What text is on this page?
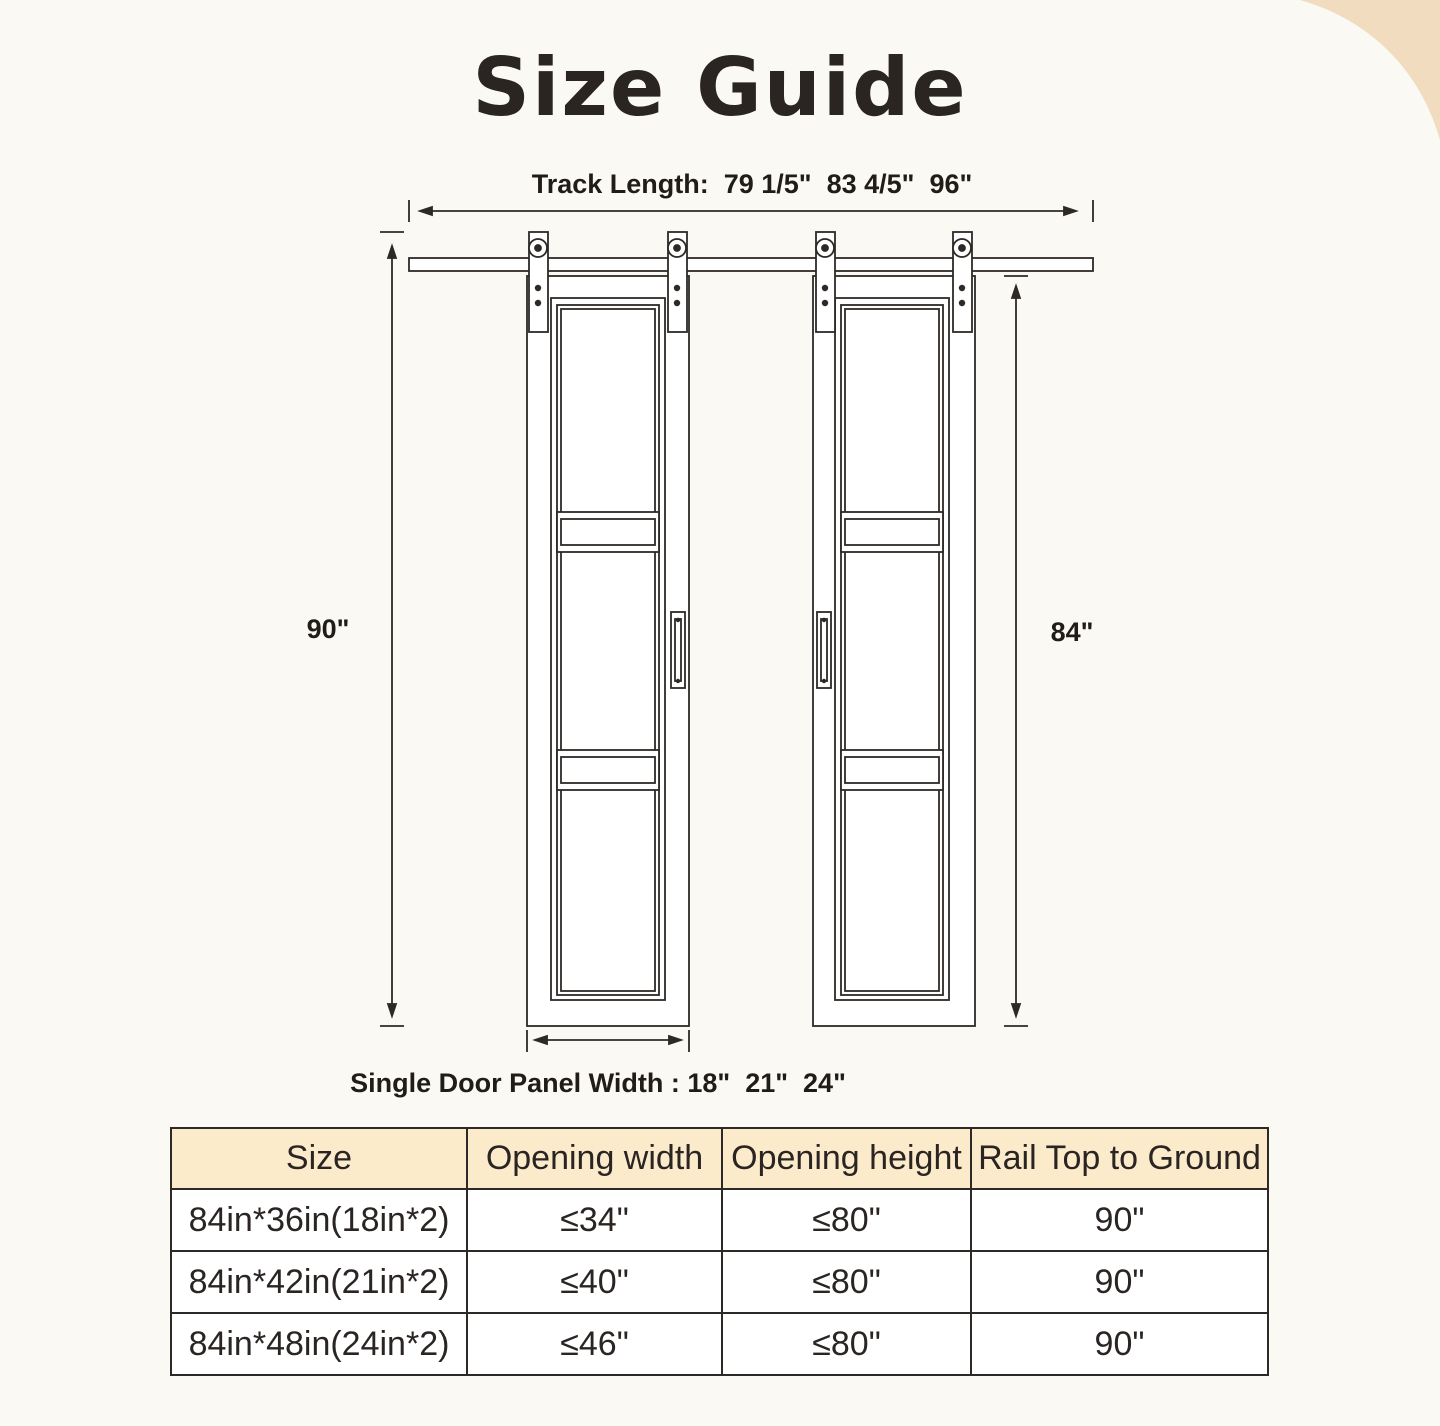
Size Guide
Track Length:  79 1/5"  83 4/5"  96"
90"	84"
Single Door Panel Width : 18"  21"  24"
Size	Opening width	Opening height	Rail Top to Ground
84in*36in(18in*2)	≤34"	≤80"	90"
84in*42in(21in*2)	≤40"	≤80"	90"
84in*48in(24in*2)	≤46"	≤80"	90"
